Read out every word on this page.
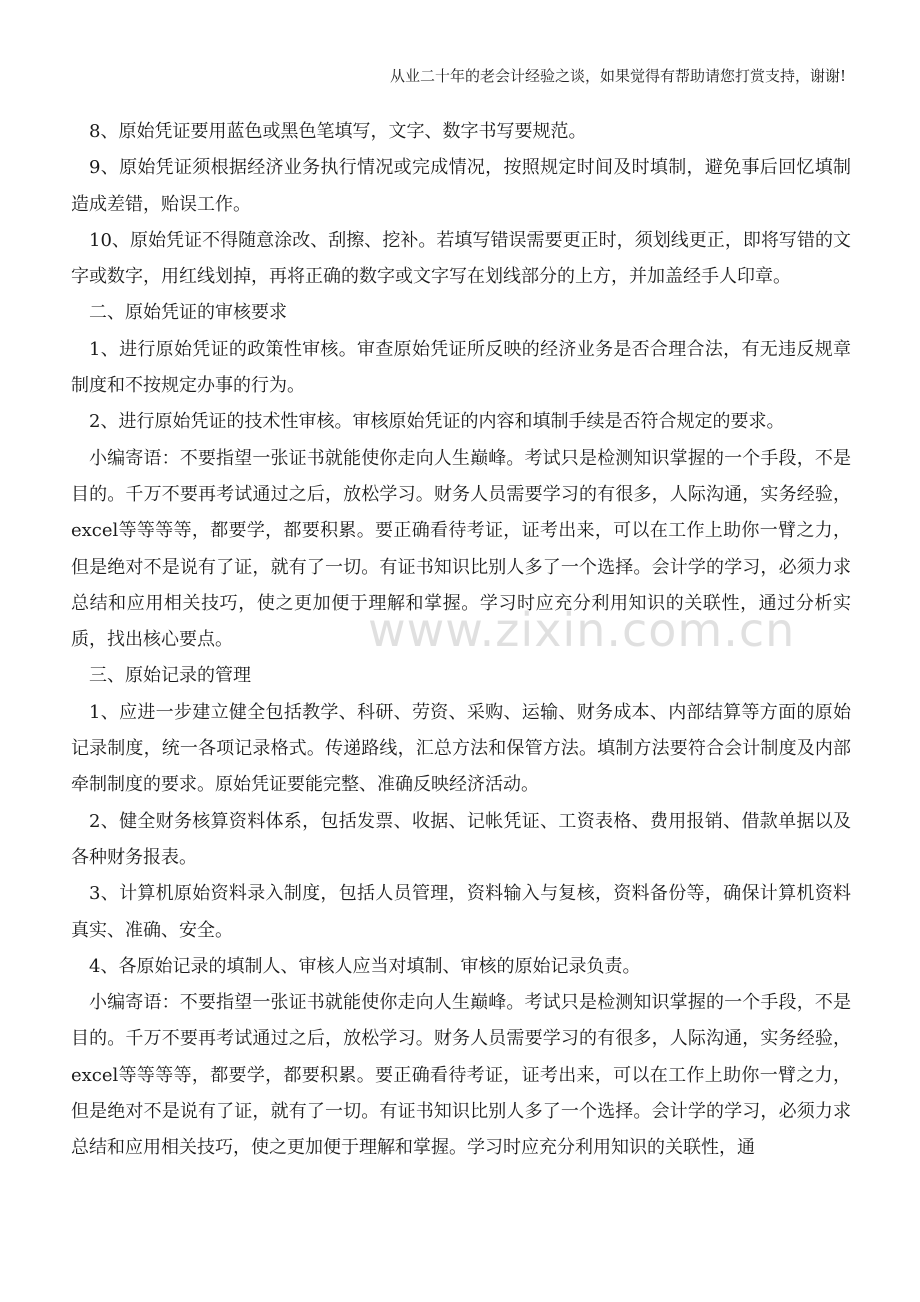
从业二十年的老会计经验之谈，如果觉得有帮助请您打赏支持，谢谢!

8、原始凭证要用蓝色或黑色笔填写，文字、数字书写要规范。

9、原始凭证须根据经济业务执行情况或完成情况，按照规定时间及时填制，避免事后回忆填制造成差错，贻误工作。

10、原始凭证不得随意涂改、刮擦、挖补。若填写错误需要更正时，须划线更正，即将写错的文字或数字，用红线划掉，再将正确的数字或文字写在划线部分的上方，并加盖经手人印章。

二、原始凭证的审核要求

1、进行原始凭证的政策性审核。审查原始凭证所反映的经济业务是否合理合法，有无违反规章制度和不按规定办事的行为。

2、进行原始凭证的技术性审核。审核原始凭证的内容和填制手续是否符合规定的要求。

小编寄语：不要指望一张证书就能使你走向人生巅峰。考试只是检测知识掌握的一个手段，不是目的。千万不要再考试通过之后，放松学习。财务人员需要学习的有很多，人际沟通，实务经验，excel等等等等，都要学，都要积累。要正确看待考证，证考出来，可以在工作上助你一臂之力，但是绝对不是说有了证，就有了一切。有证书知识比别人多了一个选择。会计学的学习，必须力求总结和应用相关技巧，使之更加便于理解和掌握。学习时应充分利用知识的关联性，通过分析实质，找出核心要点。

三、原始记录的管理

1、应进一步建立健全包括教学、科研、劳资、采购、运输、财务成本、内部结算等方面的原始记录制度，统一各项记录格式。传递路线，汇总方法和保管方法。填制方法要符合会计制度及内部牵制制度的要求。原始凭证要能完整、准确反映经济活动。

2、健全财务核算资料体系，包括发票、收据、记帐凭证、工资表格、费用报销、借款单据以及各种财务报表。

3、计算机原始资料录入制度，包括人员管理，资料输入与复核，资料备份等，确保计算机资料真实、准确、安全。

4、各原始记录的填制人、审核人应当对填制、审核的原始记录负责。

小编寄语：不要指望一张证书就能使你走向人生巅峰。考试只是检测知识掌握的一个手段，不是目的。千万不要再考试通过之后，放松学习。财务人员需要学习的有很多，人际沟通，实务经验，excel等等等等，都要学，都要积累。要正确看待考证，证考出来，可以在工作上助你一臂之力，但是绝对不是说有了证，就有了一切。有证书知识比别人多了一个选择。会计学的学习，必须力求总结和应用相关技巧，使之更加便于理解和掌握。学习时应充分利用知识的关联性，通

www.zixin.com.cn
